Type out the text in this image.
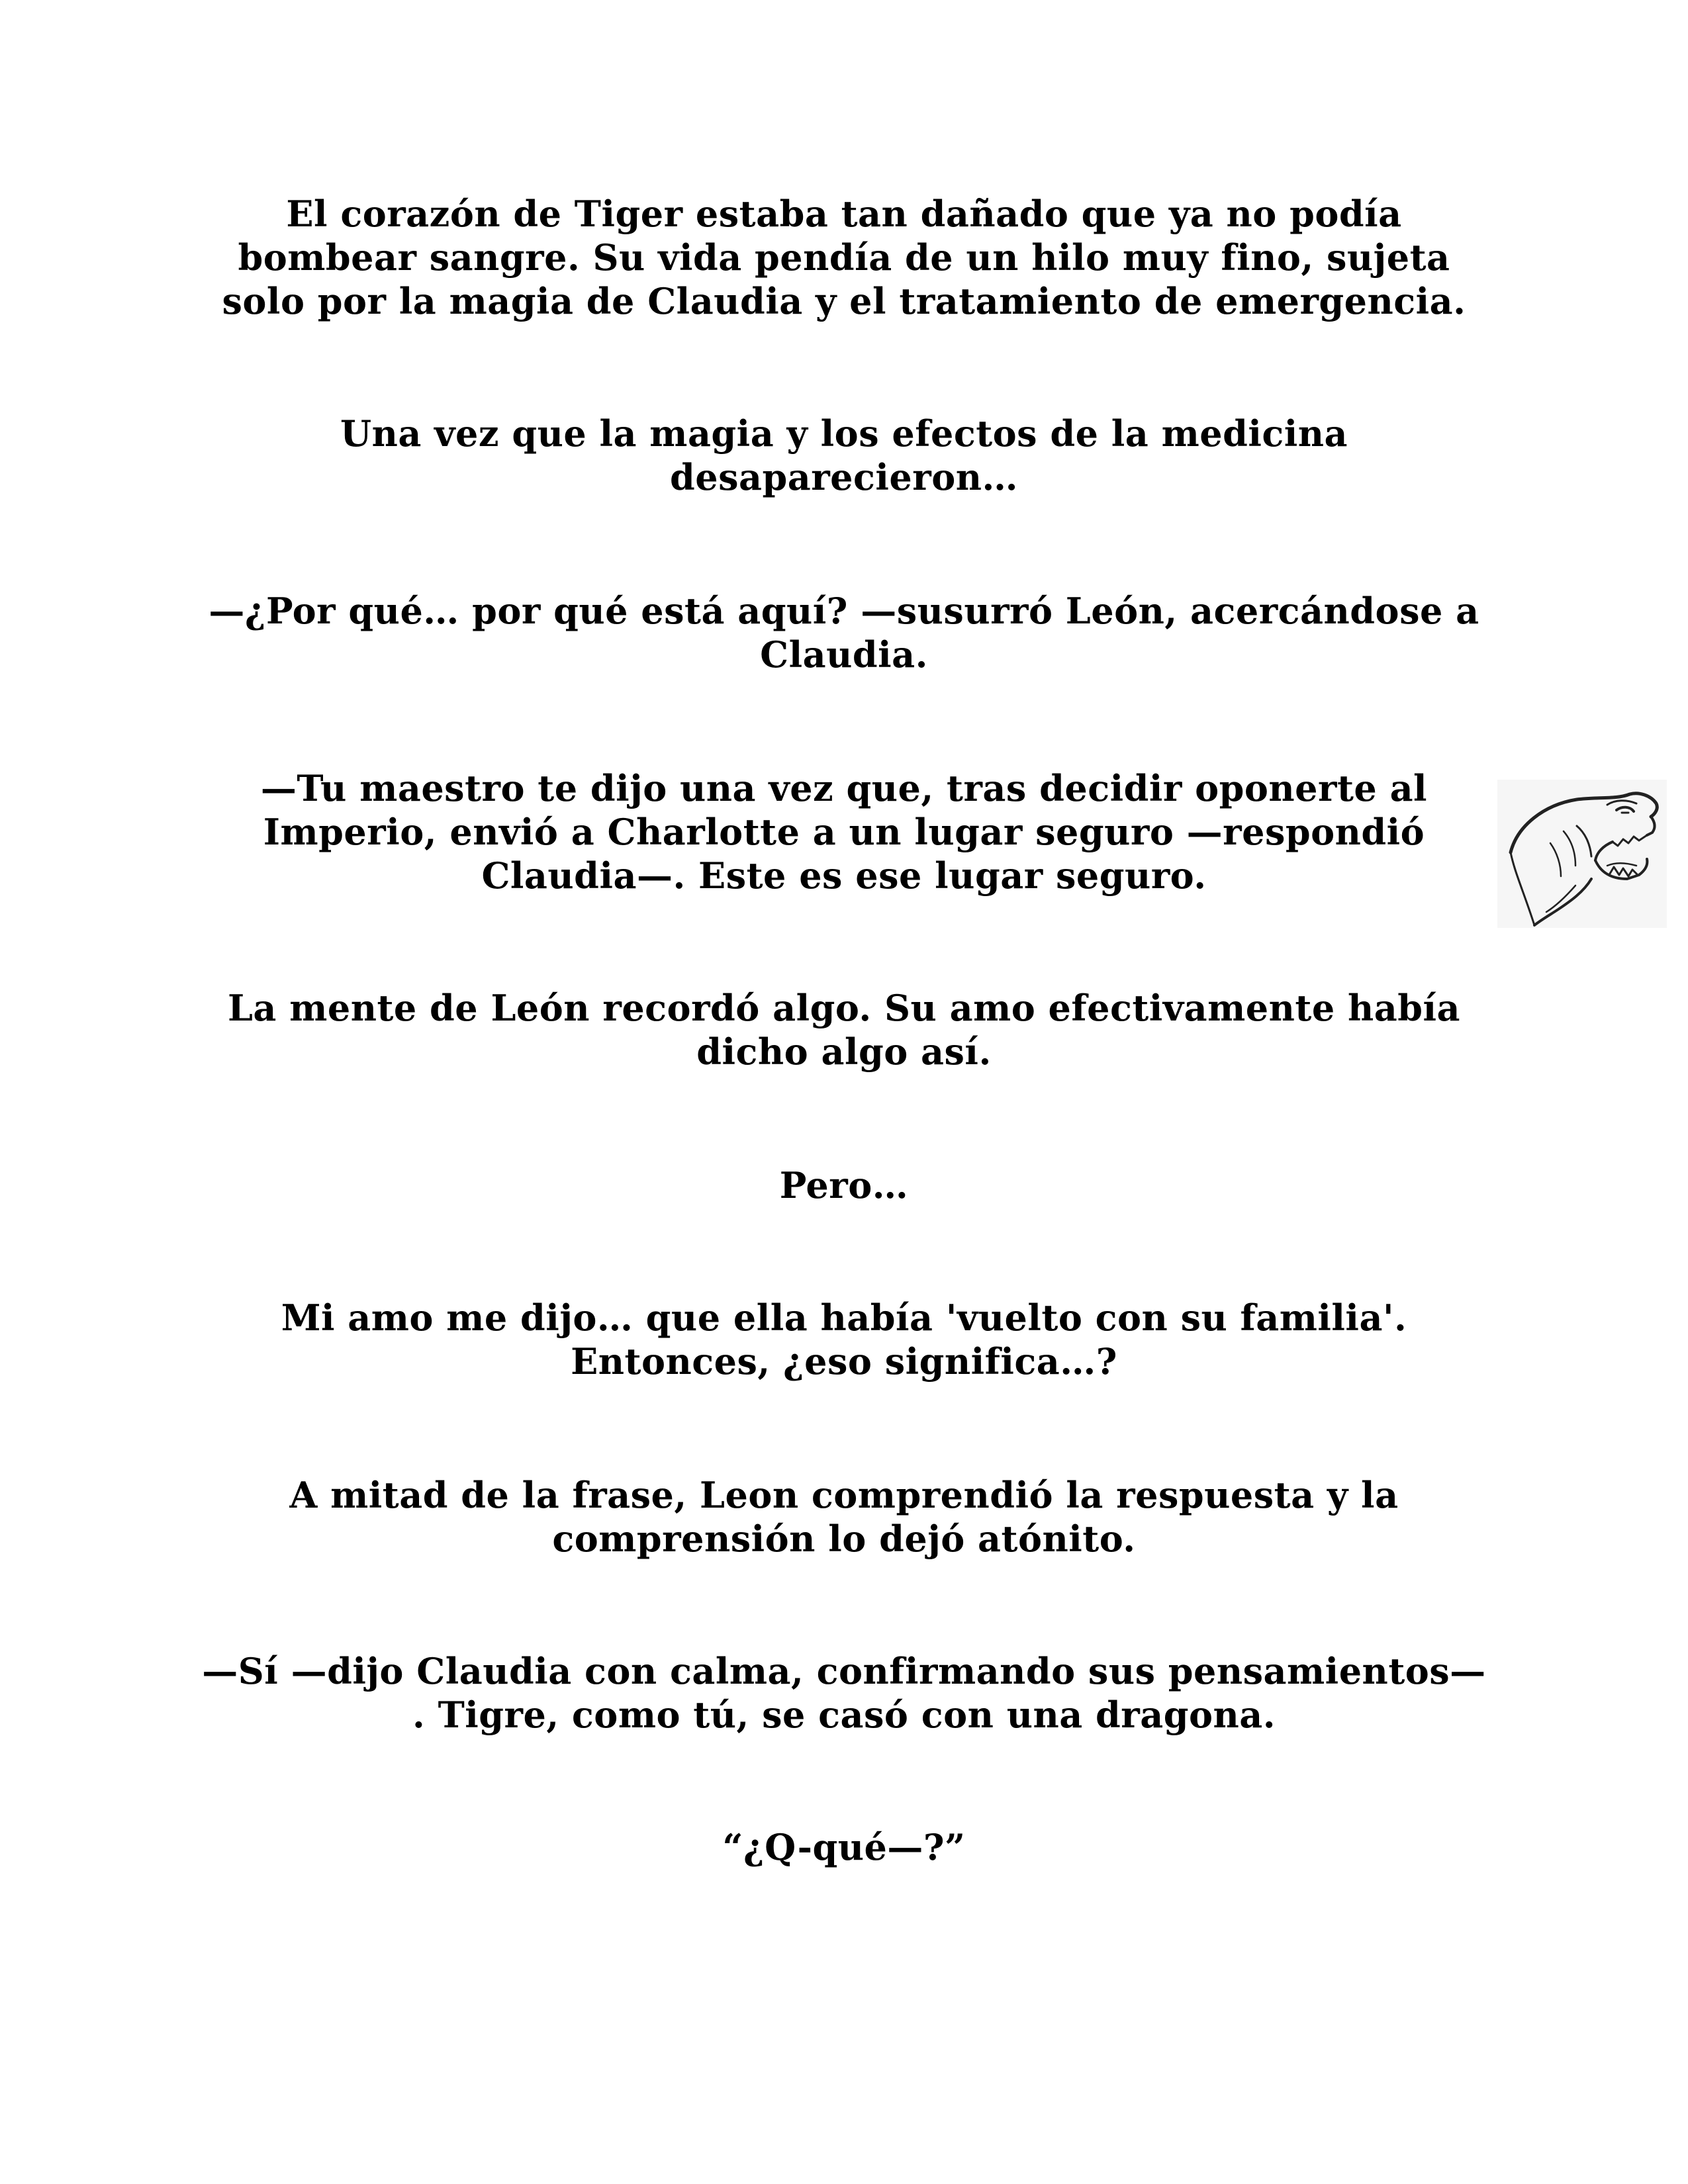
El corazón de Tiger estaba tan dañado que ya no podía
bombear sangre. Su vida pendía de un hilo muy fino, sujeta
solo por la magia de Claudia y el tratamiento de emergencia.

Una vez que la magia y los efectos de la medicina
desaparecieron…

—¿Por qué… por qué está aquí? —susurró León, acercándose a
Claudia.

—Tu maestro te dijo una vez que, tras decidir oponerte al
Imperio, envió a Charlotte a un lugar seguro —respondió
Claudia—. Este es ese lugar seguro.

La mente de León recordó algo. Su amo efectivamente había
dicho algo así.

Pero…

Mi amo me dijo… que ella había 'vuelto con su familia'.
Entonces, ¿eso significa…?

A mitad de la frase, Leon comprendió la respuesta y la
comprensión lo dejó atónito.

—Sí —dijo Claudia con calma, confirmando sus pensamientos—
. Tigre, como tú, se casó con una dragona.

“¿Q-qué—?”
